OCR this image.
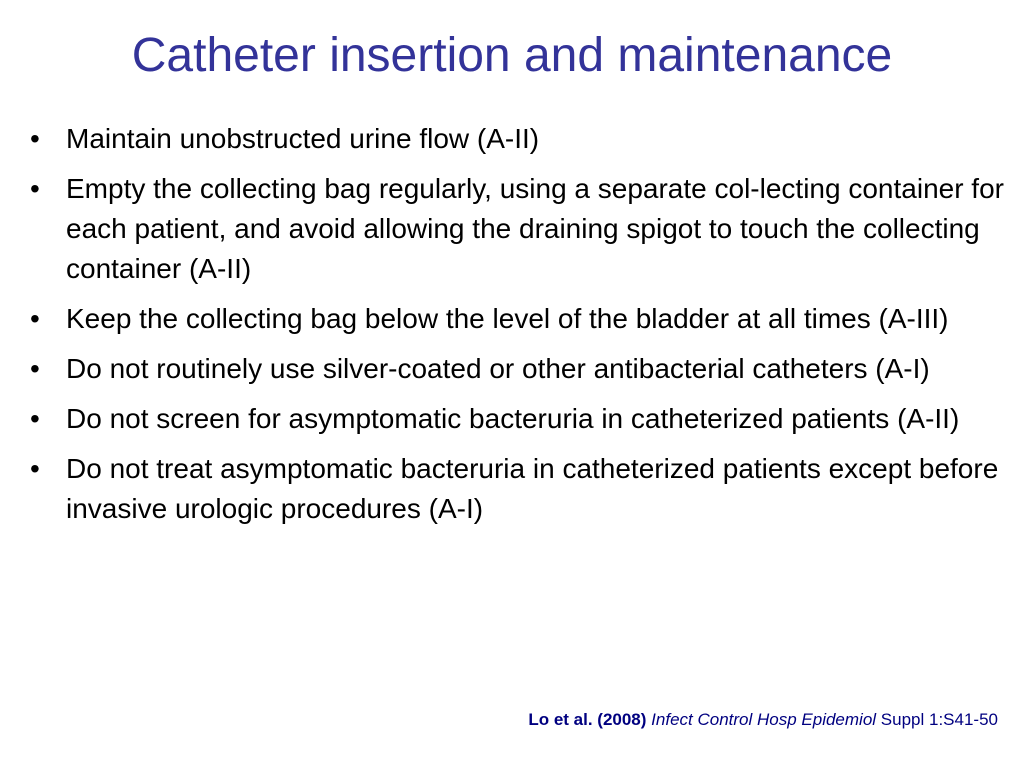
Catheter insertion and maintenance
• Maintain unobstructed urine flow (A-II)
• Empty the collecting bag regularly, using a separate col-lecting container for each patient, and avoid allowing the draining spigot to touch the collecting container (A-II)
• Keep the collecting bag below the level of the bladder at all times (A-III)
• Do not routinely use silver-coated or other antibacterial catheters (A-I)
• Do not screen for asymptomatic bacteruria in catheterized patients (A-II)
• Do not treat asymptomatic bacteruria in catheterized patients except before invasive urologic procedures (A-I)
Lo et al. (2008) Infect Control Hosp Epidemiol Suppl 1:S41-50
